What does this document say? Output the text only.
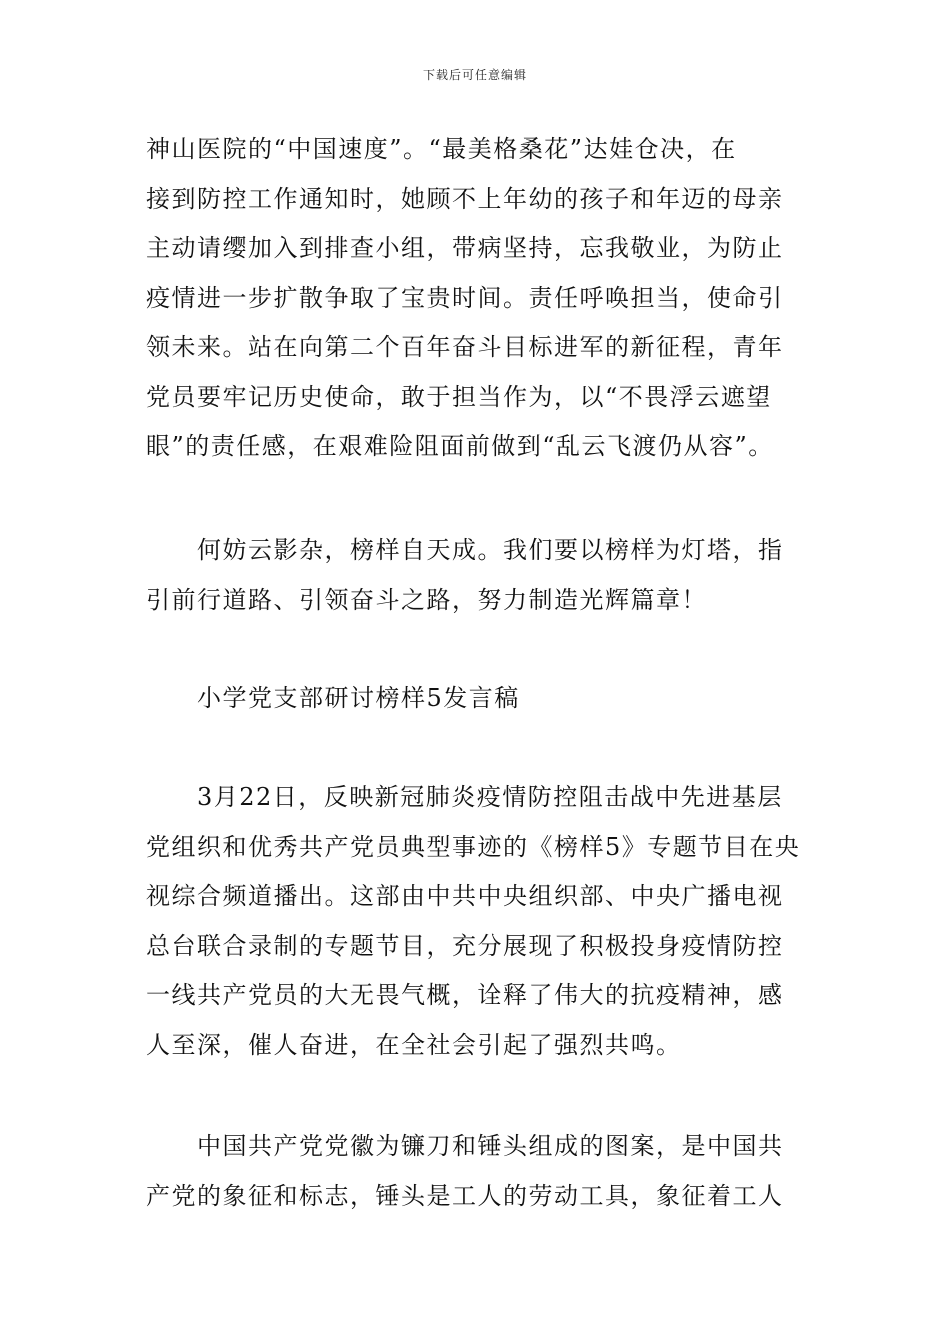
下载后可任意编辑

神山医院的“中国速度”。“最美格桑花”达娃仓决，在
接到防控工作通知时，她顾不上年幼的孩子和年迈的母亲
主动请缨加入到排查小组，带病坚持，忘我敬业，为防止
疫情进一步扩散争取了宝贵时间。责任呼唤担当，使命引
领未来。站在向第二个百年奋斗目标进军的新征程，青年
党员要牢记历史使命，敢于担当作为，以“不畏浮云遮望
眼”的责任感，在艰难险阻面前做到“乱云飞渡仍从容”。

　　何妨云影杂，榜样自天成。我们要以榜样为灯塔，指
引前行道路、引领奋斗之路，努力制造光辉篇章！

　　小学党支部研讨榜样5发言稿

　　3月22日，反映新冠肺炎疫情防控阻击战中先进基层
党组织和优秀共产党员典型事迹的《榜样5》专题节目在央
视综合频道播出。这部由中共中央组织部、中央广播电视
总台联合录制的专题节目，充分展现了积极投身疫情防控
一线共产党员的大无畏气概，诠释了伟大的抗疫精神，感
人至深，催人奋进，在全社会引起了强烈共鸣。

　　中国共产党党徽为镰刀和锤头组成的图案，是中国共
产党的象征和标志，锤头是工人的劳动工具，象征着工人
